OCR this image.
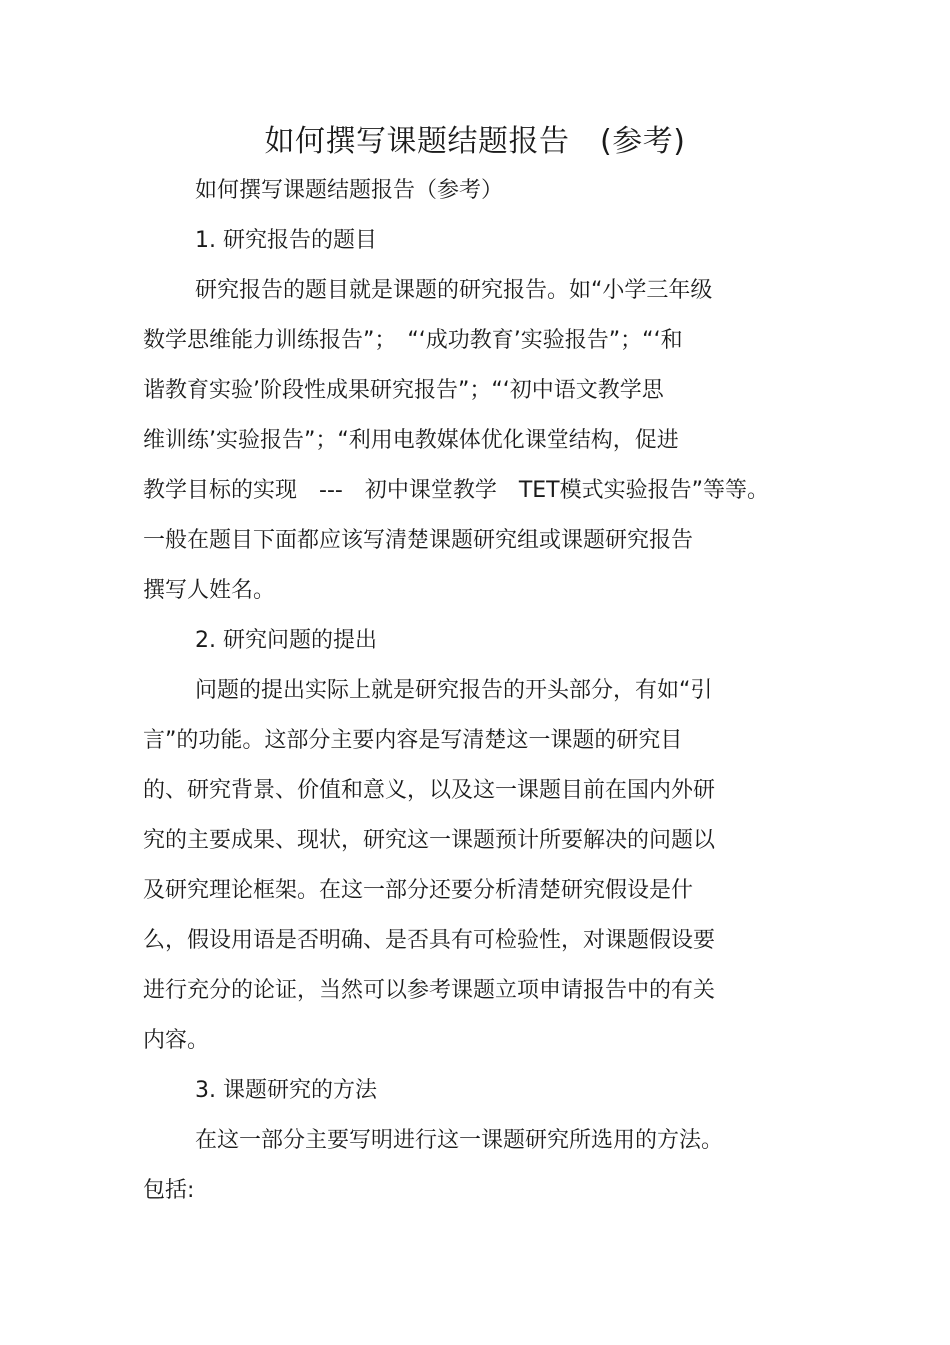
如何撰写课题结题报告　(参考)
如何撰写课题结题报告（参考）
1. 研究报告的题目
研究报告的题目就是课题的研究报告。如“小学三年级
数学思维能力训练报告”；　“‘成功教育’实验报告”；“‘和
谐教育实验’阶段性成果研究报告”；“‘初中语文教学思
维训练’实验报告”；“利用电教媒体优化课堂结构，促进
教学目标的实现　---　初中课堂教学　TET模式实验报告”等等。
一般在题目下面都应该写清楚课题研究组或课题研究报告
撰写人姓名。
2. 研究问题的提出
问题的提出实际上就是研究报告的开头部分，有如“引
言”的功能。这部分主要内容是写清楚这一课题的研究目
的、研究背景、价值和意义，以及这一课题目前在国内外研
究的主要成果、现状，研究这一课题预计所要解决的问题以
及研究理论框架。在这一部分还要分析清楚研究假设是什
么，假设用语是否明确、是否具有可检验性，对课题假设要
进行充分的论证，当然可以参考课题立项申请报告中的有关
内容。
3. 课题研究的方法
在这一部分主要写明进行这一课题研究所选用的方法。
包括:
